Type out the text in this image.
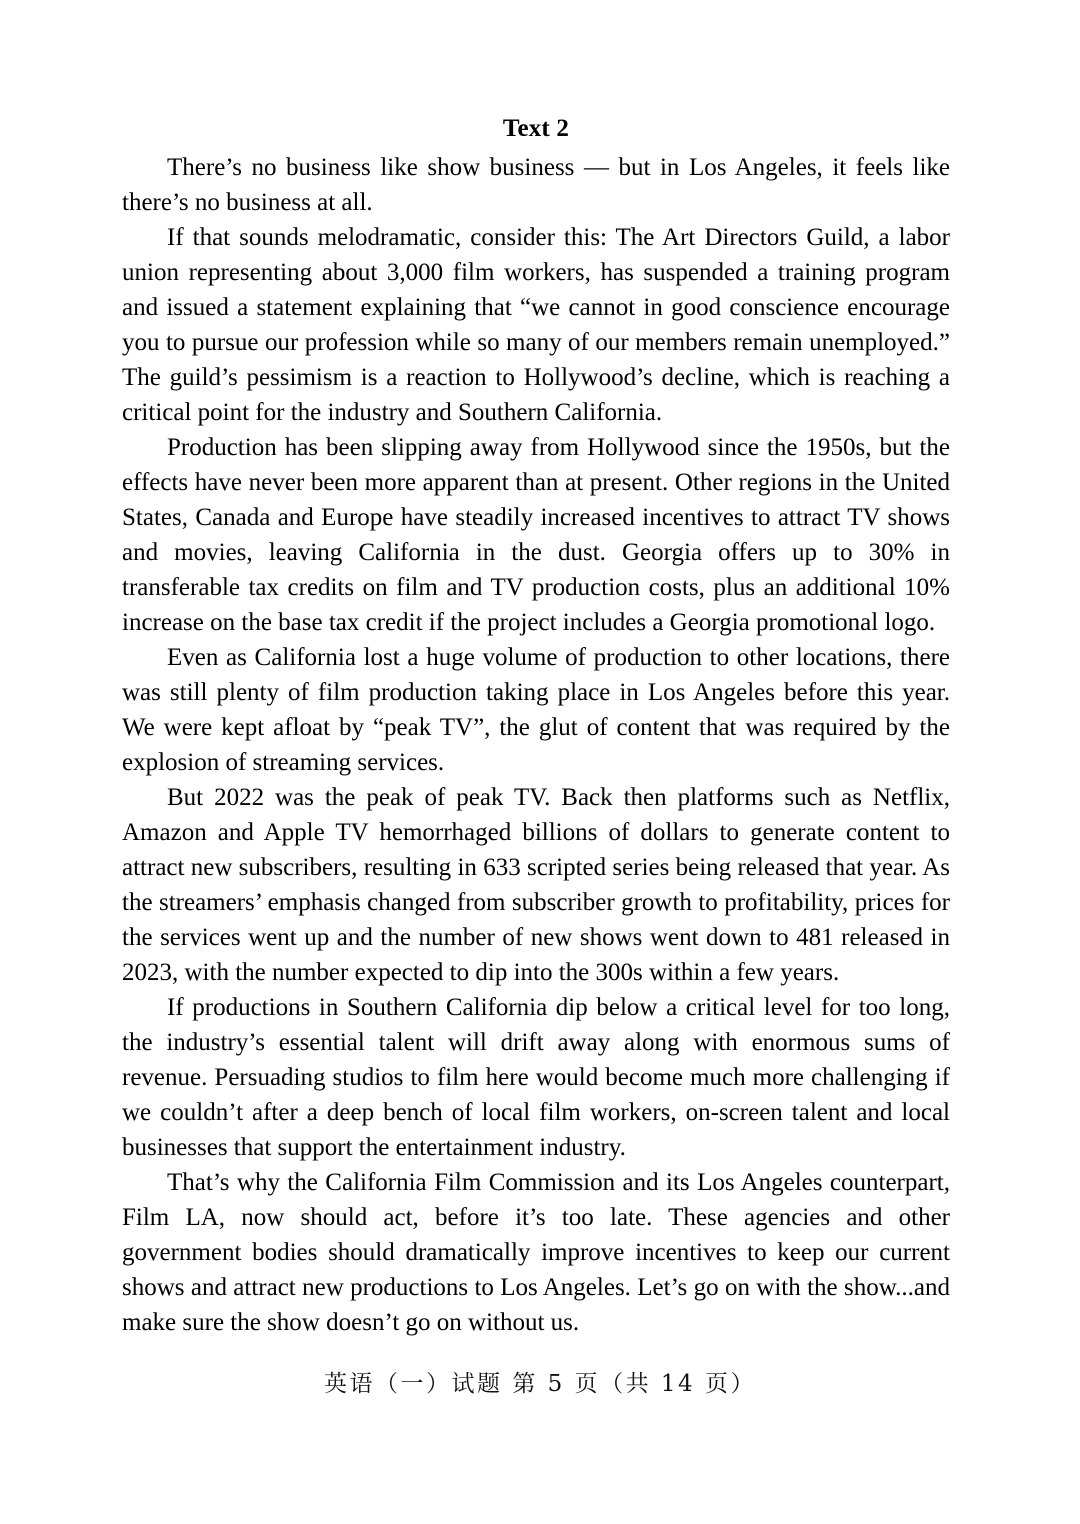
Text 2

There’s no business like show business — but in Los Angeles, it feels like there’s no business at all.

If that sounds melodramatic, consider this: The Art Directors Guild, a labor union representing about 3,000 film workers, has suspended a training program and issued a statement explaining that “we cannot in good conscience encourage you to pursue our profession while so many of our members remain unemployed.” The guild’s pessimism is a reaction to Hollywood’s decline, which is reaching a critical point for the industry and Southern California.

Production has been slipping away from Hollywood since the 1950s, but the effects have never been more apparent than at present. Other regions in the United States, Canada and Europe have steadily increased incentives to attract TV shows and movies, leaving California in the dust. Georgia offers up to 30% in transferable tax credits on film and TV production costs, plus an additional 10% increase on the base tax credit if the project includes a Georgia promotional logo.

Even as California lost a huge volume of production to other locations, there was still plenty of film production taking place in Los Angeles before this year. We were kept afloat by “peak TV”, the glut of content that was required by the explosion of streaming services.

But 2022 was the peak of peak TV. Back then platforms such as Netflix, Amazon and Apple TV hemorrhaged billions of dollars to generate content to attract new subscribers, resulting in 633 scripted series being released that year. As the streamers’ emphasis changed from subscriber growth to profitability, prices for the services went up and the number of new shows went down to 481 released in 2023, with the number expected to dip into the 300s within a few years.

If productions in Southern California dip below a critical level for too long, the industry’s essential talent will drift away along with enormous sums of revenue. Persuading studios to film here would become much more challenging if we couldn’t after a deep bench of local film workers, on-screen talent and local businesses that support the entertainment industry.

That’s why the California Film Commission and its Los Angeles counterpart, Film LA, now should act, before it’s too late. These agencies and other government bodies should dramatically improve incentives to keep our current shows and attract new productions to Los Angeles. Let’s go on with the show...and make sure the show doesn’t go on without us.

英语（一）试题 第 5 页（共 14 页）
